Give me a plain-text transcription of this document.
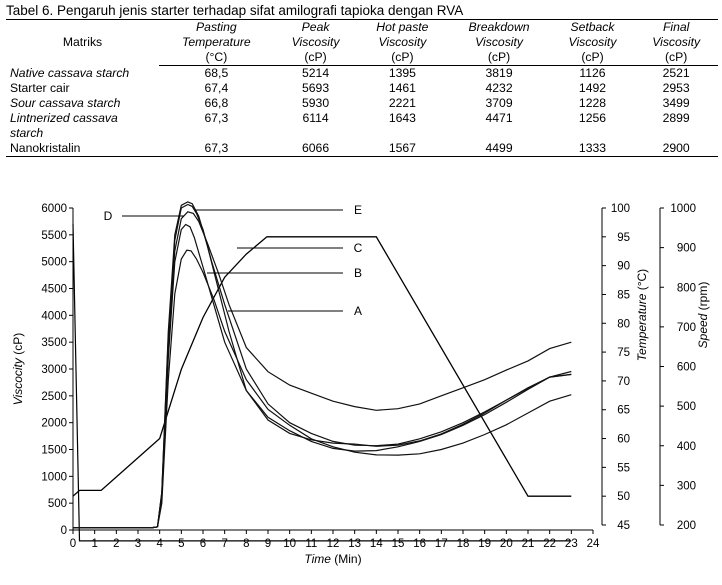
Tabel 6. Pengaruh jenis starter terhadap sifat amilografi tapioka dengan RVA
Matriks	Pasting	Peak	Hot paste	Breakdown	Setback	Final
	Temperature	Viscosity	Viscosity	Viscosity	Viscosity	Viscosity
	(°C)	(cP)	(cP)	(cP)	(cP)	(cP)
Native cassava starch	68,5	5214	1395	3819	1126	2521
Starter cair	67,4	5693	1461	4232	1492	2953
Sour cassava starch	66,8	5930	2221	3709	1228	3499
Lintnerized cassava
starch	67,3	6114	1643	4471	1256	2899
Nanokristalin	67,3	6066	1567	4499	1333	2900
0
500
1000
1500
2000
2500
3000
3500
4000
4500
5000
5500
6000
0 1 2 3 4 5 6 7 8 9 10 11 12 13 14 15 16 17 18 19 20 21 22 23 24
45
50
55
60
65
70
75
80
85
90
95
100
200
300
400
500
600
700
800
900
1000
Time (Min)
Viscocity (cP)	Temperature (°C)
Speed (rpm)
A
B
C
D	E
